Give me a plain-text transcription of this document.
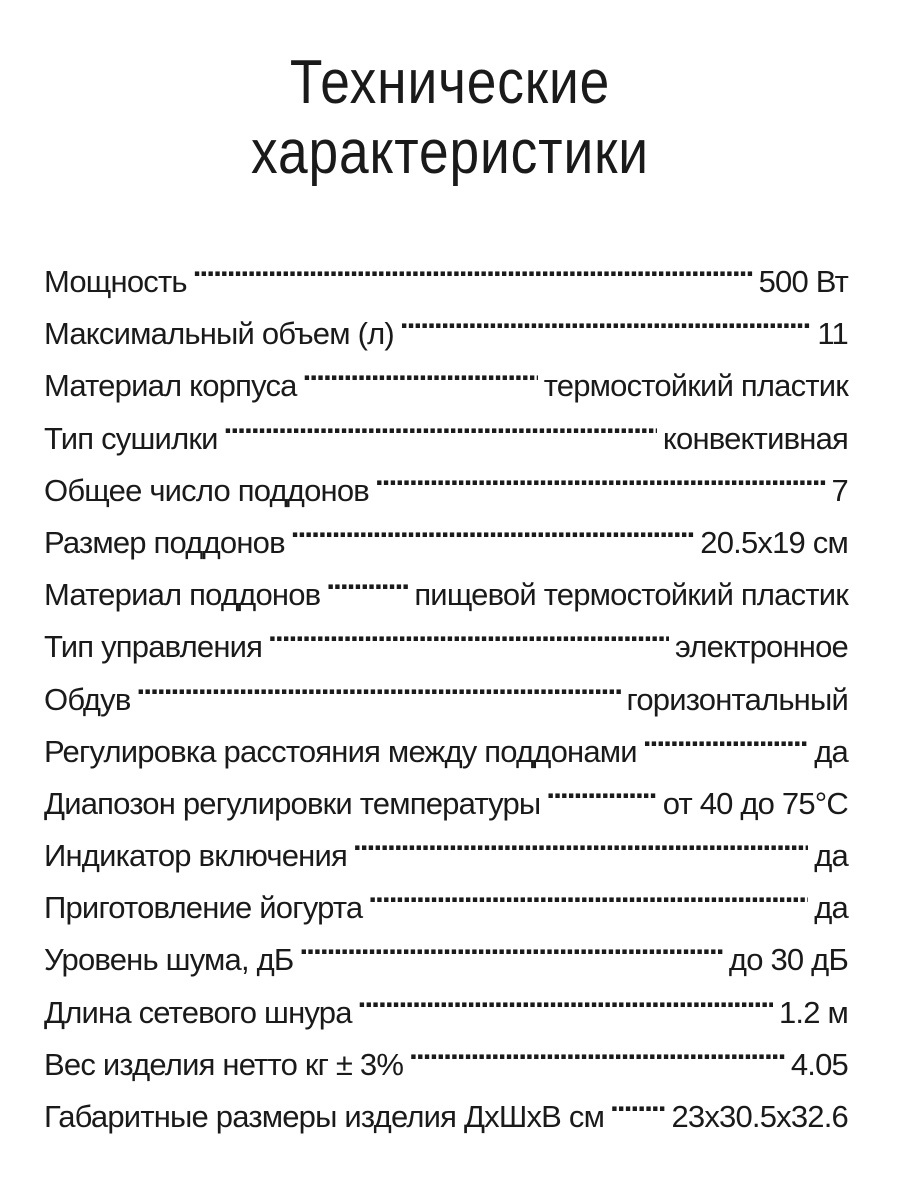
Технические
характеристики
Мощность . . .	500 Вт
Максимальный объем (л) . . .	11
Материал корпуса . . .	термостойкий пластик
Тип сушилки . . .	конвективная
Общее число поддонов . . .	7
Размер поддонов . . .	20.5x19 см
Материал поддонов . . .	пищевой термостойкий пластик
Тип управления . . .	электронное
Обдув . . .	горизонтальный
Регулировка расстояния между поддонами . . .	да
Диапозон регулировки температуры . . .	от 40 до 75°С
Индикатор включения . . .	да
Приготовление йогурта . . .	да
Уровень шума, дБ . . .	до 30 дБ
Длина сетевого шнура . . .	1.2 м
Вес изделия нетто кг ± 3% . . .	4.05
Габаритные размеры изделия ДхШхВ см . . . 23x30.5x32.6
